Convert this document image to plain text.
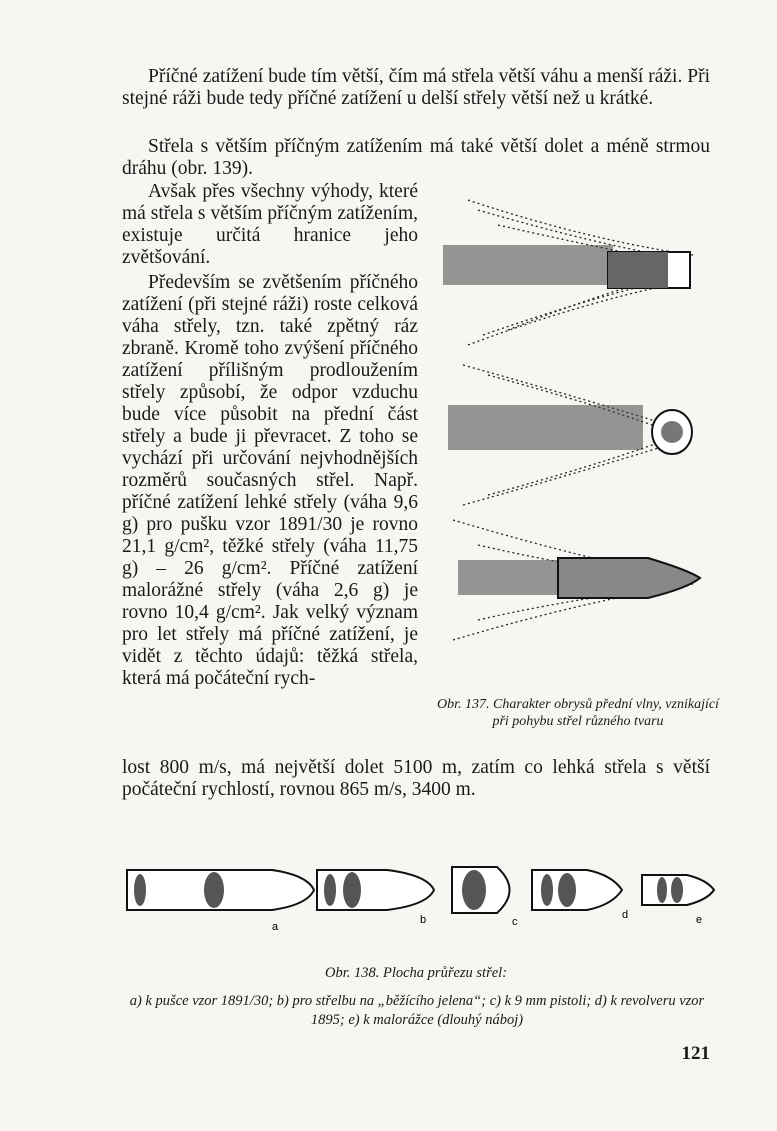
Příčné zatížení bude tím větší, čím má střela větší váhu a menší ráži. Při stejné ráži bude tedy příčné zatížení u delší střely větší než u krátké.

Střela s větším příčným zatížením má také větší dolet a méně strmou dráhu (obr. 139).

Avšak přes všechny výhody, které má střela s větším příčným zatížením, existuje určitá hranice jeho zvětšování.

Především se zvětšením příčného zatížení (při stejné ráži) roste celková váha střely, tzn. také zpětný ráz zbraně. Kromě toho zvýšení příčného zatížení přílišným prodloužením střely způsobí, že odpor vzduchu bude více působit na přední část střely a bude ji převracet. Z toho se vychází při určování nejvhodnějších rozměrů současných střel. Např. příčné zatížení lehké střely (váha 9,6 g) pro pušku vzor 1891/30 je rovno 21,1 g/cm², těžké střely (váha 11,75 g) – 26 g/cm². Příčné zatížení malorážné střely (váha 2,6 g) je rovno 10,4 g/cm². Jak velký význam pro let střely má příčné zatížení, je vidět z těchto údajů: těžká střela, která má počáteční rych-

lost 800 m/s, má největší dolet 5100 m, zatím co lehká střela s větší počáteční rychlostí, rovnou 865 m/s, 3400 m.

Obr. 137. Charakter obrysů přední vlny, vznikající při pohybu střel různého tvaru

a
b	c
d	e

Obr. 138. Plocha průřezu střel:

a) k pušce vzor 1891/30; b) pro střelbu na „běžícího jelena“; c) k 9 mm pistoli; d) k revolveru vzor 1895; e) k malorážce (dlouhý náboj)

121
